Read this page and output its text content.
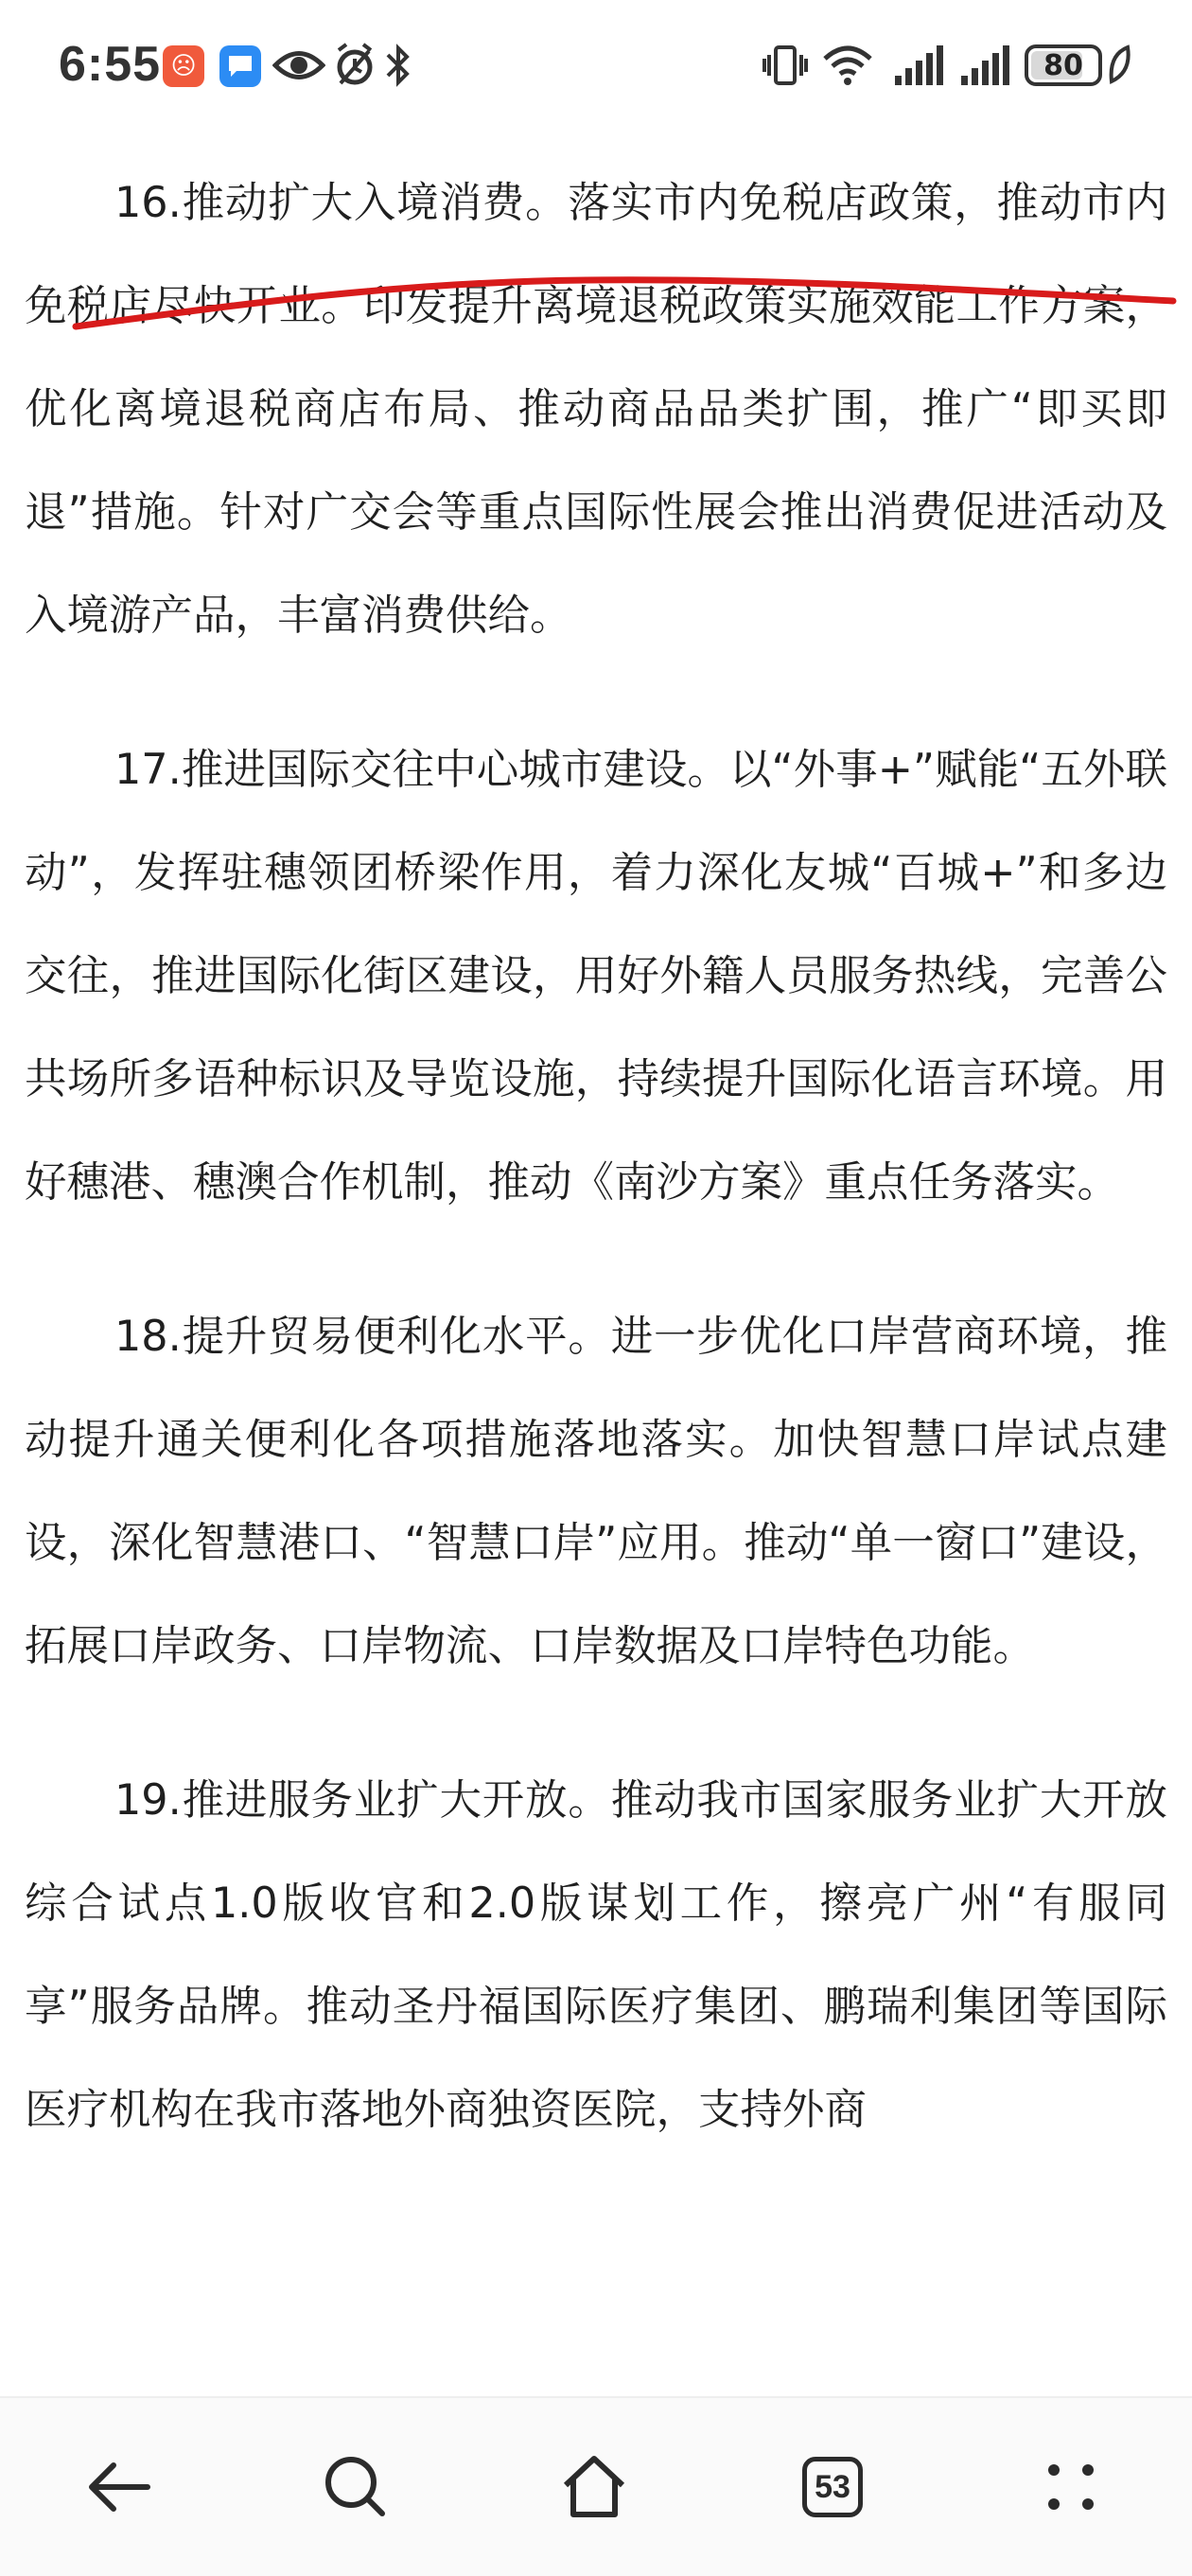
6:55 ☹	80

16.推动扩大入境消费。落实市内免税店政策，推动市内免税店尽快开业。印发提升离境退税政策实施效能工作方案，优化离境退税商店布局、推动商品品类扩围，推广“即买即退”措施。针对广交会等重点国际性展会推出消费促进活动及入境游产品，丰富消费供给。

17.推进国际交往中心城市建设。以“外事+”赋能“五外联动”，发挥驻穗领团桥梁作用，着力深化友城“百城+”和多边交往，推进国际化街区建设，用好外籍人员服务热线，完善公共场所多语种标识及导览设施，持续提升国际化语言环境。用好穗港、穗澳合作机制，推动《南沙方案》重点任务落实。

18.提升贸易便利化水平。进一步优化口岸营商环境，推动提升通关便利化各项措施落地落实。加快智慧口岸试点建设，深化智慧港口、“智慧口岸”应用。推动“单一窗口”建设，拓展口岸政务、口岸物流、口岸数据及口岸特色功能。

19.推进服务业扩大开放。推动我市国家服务业扩大开放综合试点1.0版收官和2.0版谋划工作，擦亮广州“有服同享”服务品牌。推动圣丹福国际医疗集团、鹏瑞利集团等国际医疗机构在我市落地外商独资医院，支持外商

53
